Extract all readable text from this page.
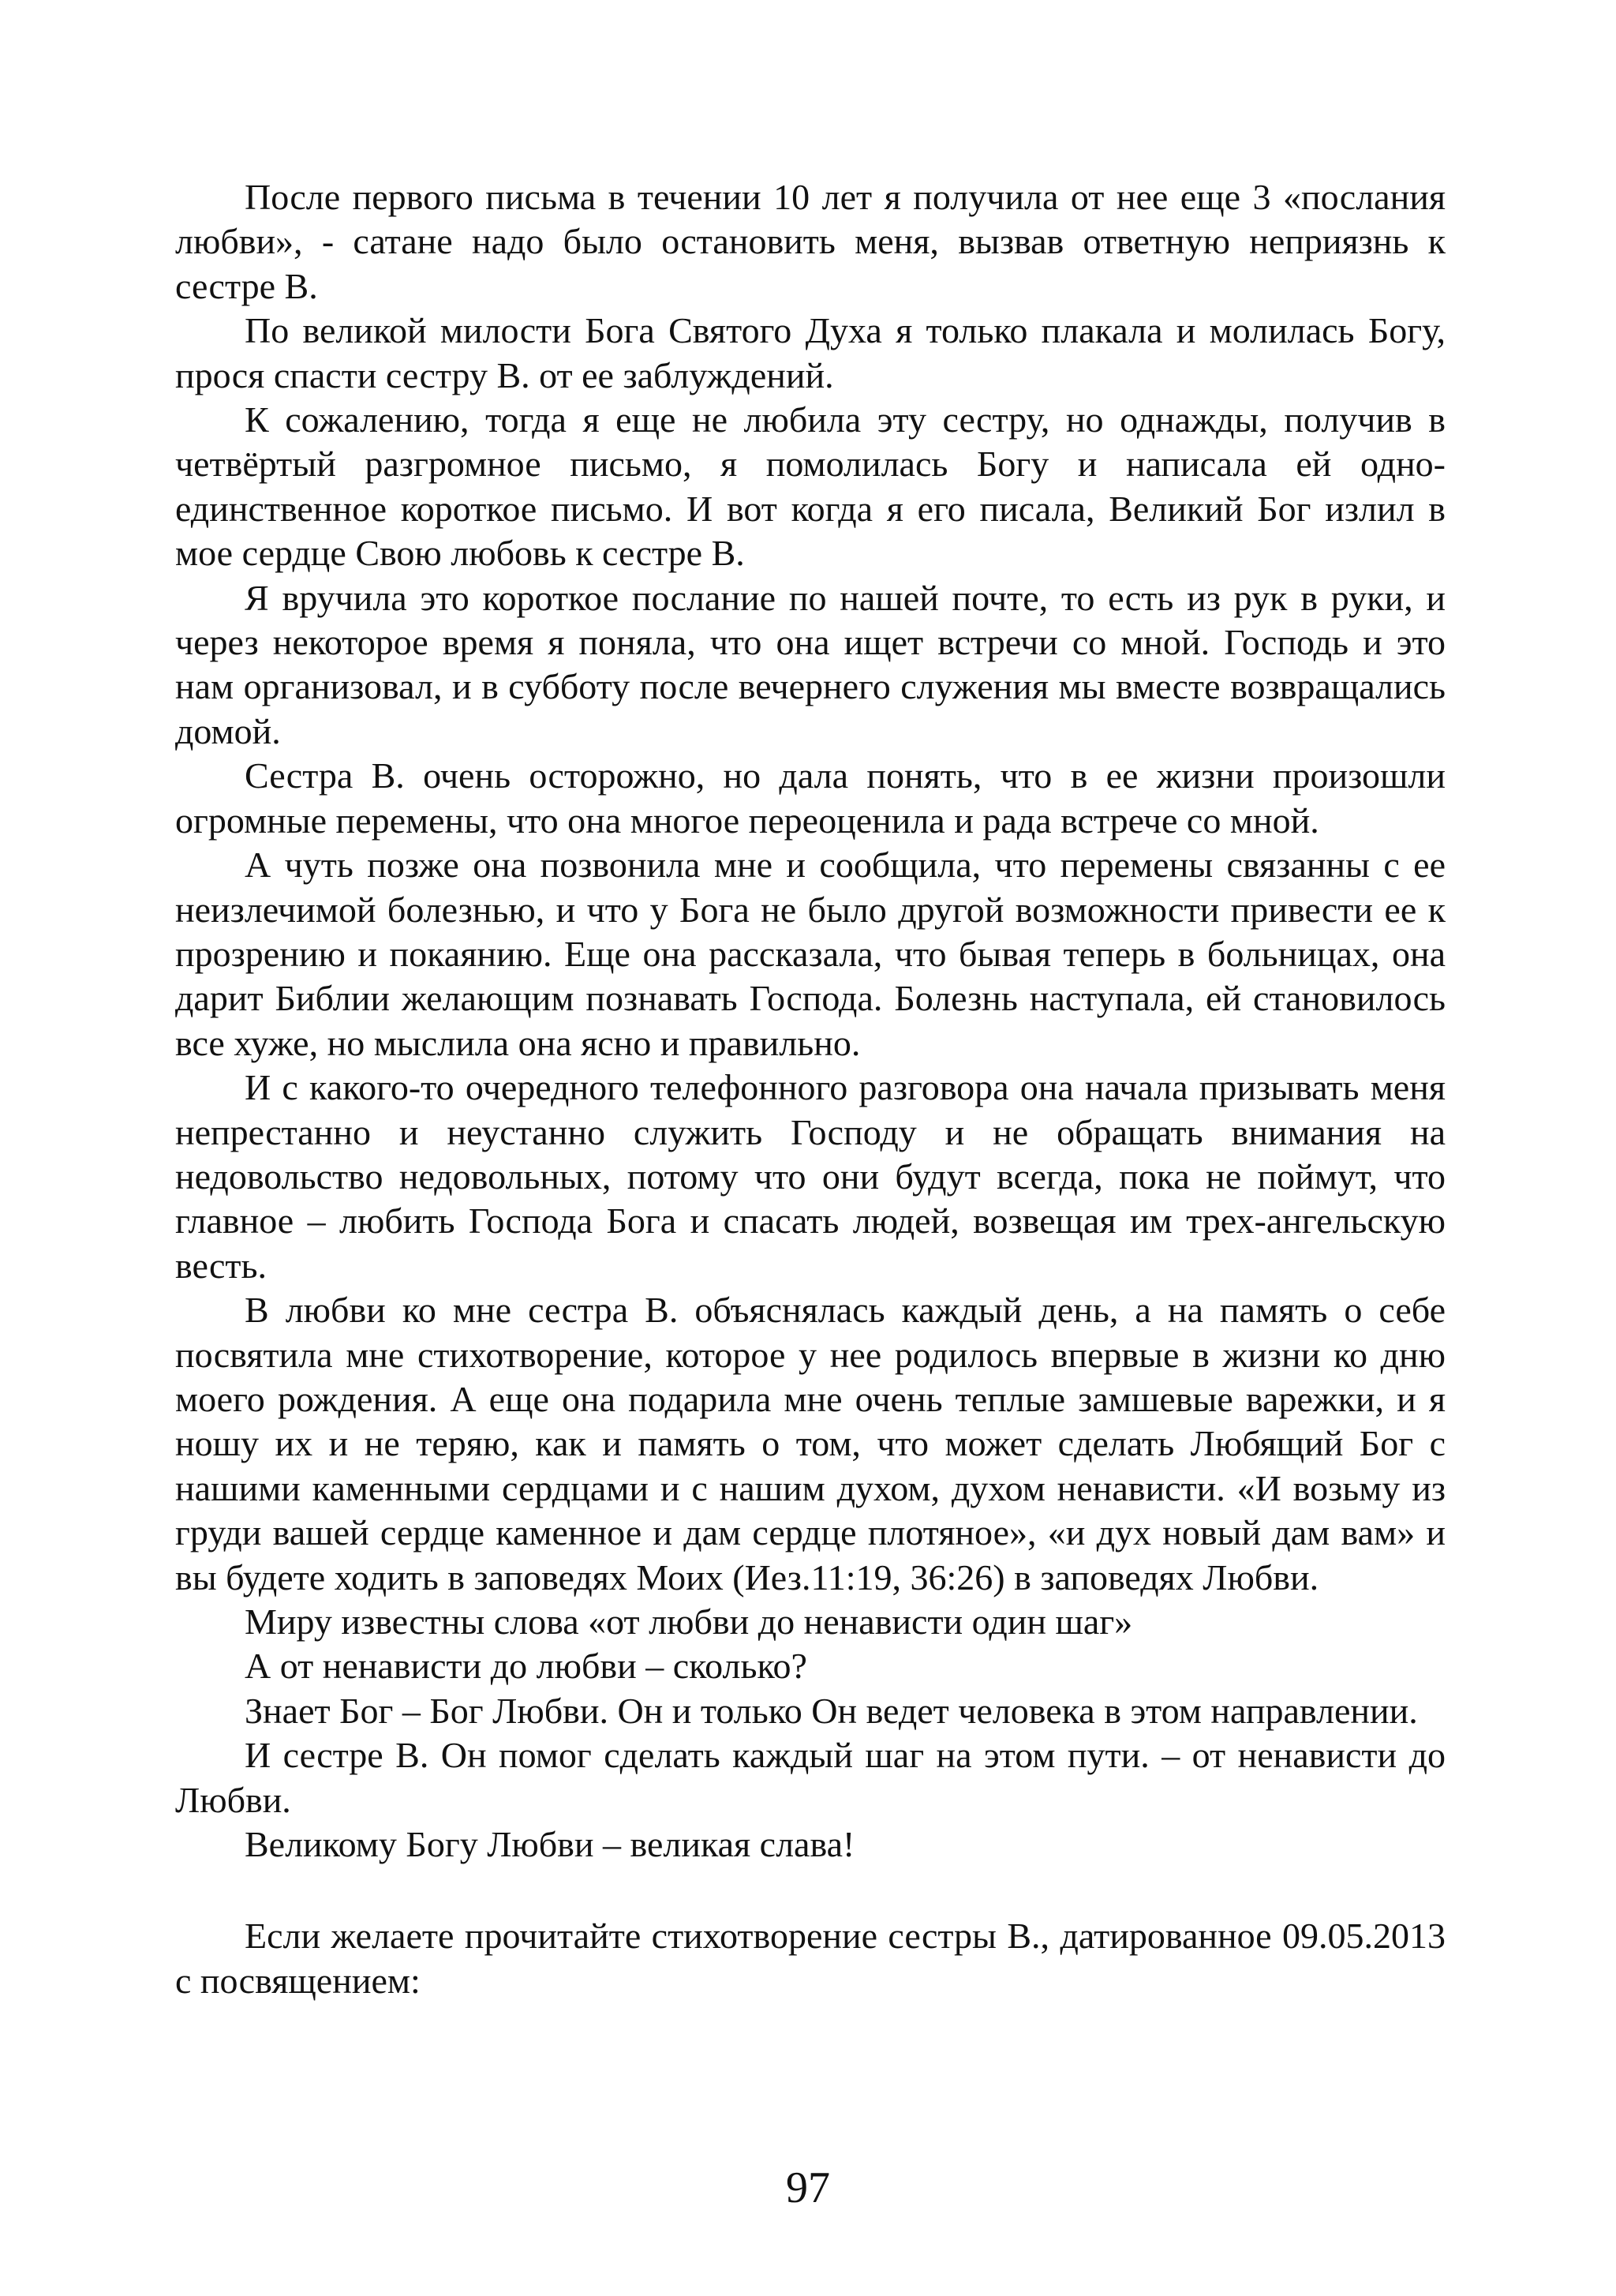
После первого письма в течении 10 лет я получила от нее еще 3 «послания любви», - сатане надо было остановить меня, вызвав ответную неприязнь к сестре В.

По великой милости Бога Святого Духа я только плакала и молилась Богу, прося спасти сестру В. от ее заблуждений.

К сожалению, тогда я еще не любила эту сестру, но однажды, получив в четвёртый разгромное письмо, я помолилась Богу и написала ей одно-единственное короткое письмо. И вот когда я его писала, Великий Бог излил в мое сердце Свою любовь к сестре В.

Я вручила это короткое послание по нашей почте, то есть из рук в руки, и через некоторое время я поняла, что она ищет встречи со мной. Господь и это нам организовал, и в субботу после вечернего служения мы вместе возвращались домой.

Сестра В. очень осторожно, но дала понять, что в ее жизни произошли огромные перемены, что она многое переоценила и рада встрече со мной.

А чуть позже она позвонила мне и сообщила, что перемены связанны с ее неизлечимой болезнью, и что у Бога не было другой возможности привести ее к прозрению и покаянию. Еще она рассказала, что бывая теперь в больницах, она дарит Библии желающим познавать Господа. Болезнь наступала, ей становилось все хуже, но мыслила она ясно и правильно.

И с какого-то очередного телефонного разговора она начала призывать меня непрестанно и неустанно служить Господу и не обращать внимания на недовольство недовольных, потому что они будут всегда, пока не поймут, что главное – любить Господа Бога и спасать людей, возвещая им трех-ангельскую весть.

В любви ко мне сестра В. объяснялась каждый день, а на память о себе посвятила мне стихотворение, которое у нее родилось впервые в жизни ко дню моего рождения. А еще она подарила мне очень теплые замшевые варежки, и я ношу их и не теряю, как и память о том, что может сделать Любящий Бог с нашими каменными сердцами и с нашим духом, духом ненависти. «И возьму из груди вашей сердце каменное и дам сердце плотяное», «и дух новый дам вам» и вы будете ходить в заповедях Моих (Иез.11:19, 36:26) в заповедях Любви.

Миру известны слова «от любви до ненависти один шаг»

А от ненависти до любви – сколько?

Знает Бог – Бог Любви. Он и только Он ведет человека в этом направлении.

И сестре В. Он помог сделать каждый шаг на этом пути. – от ненависти до Любви.

Великому Богу Любви – великая слава!

Если желаете прочитайте стихотворение сестры В., датированное 09.05.2013 с посвящением:

97
